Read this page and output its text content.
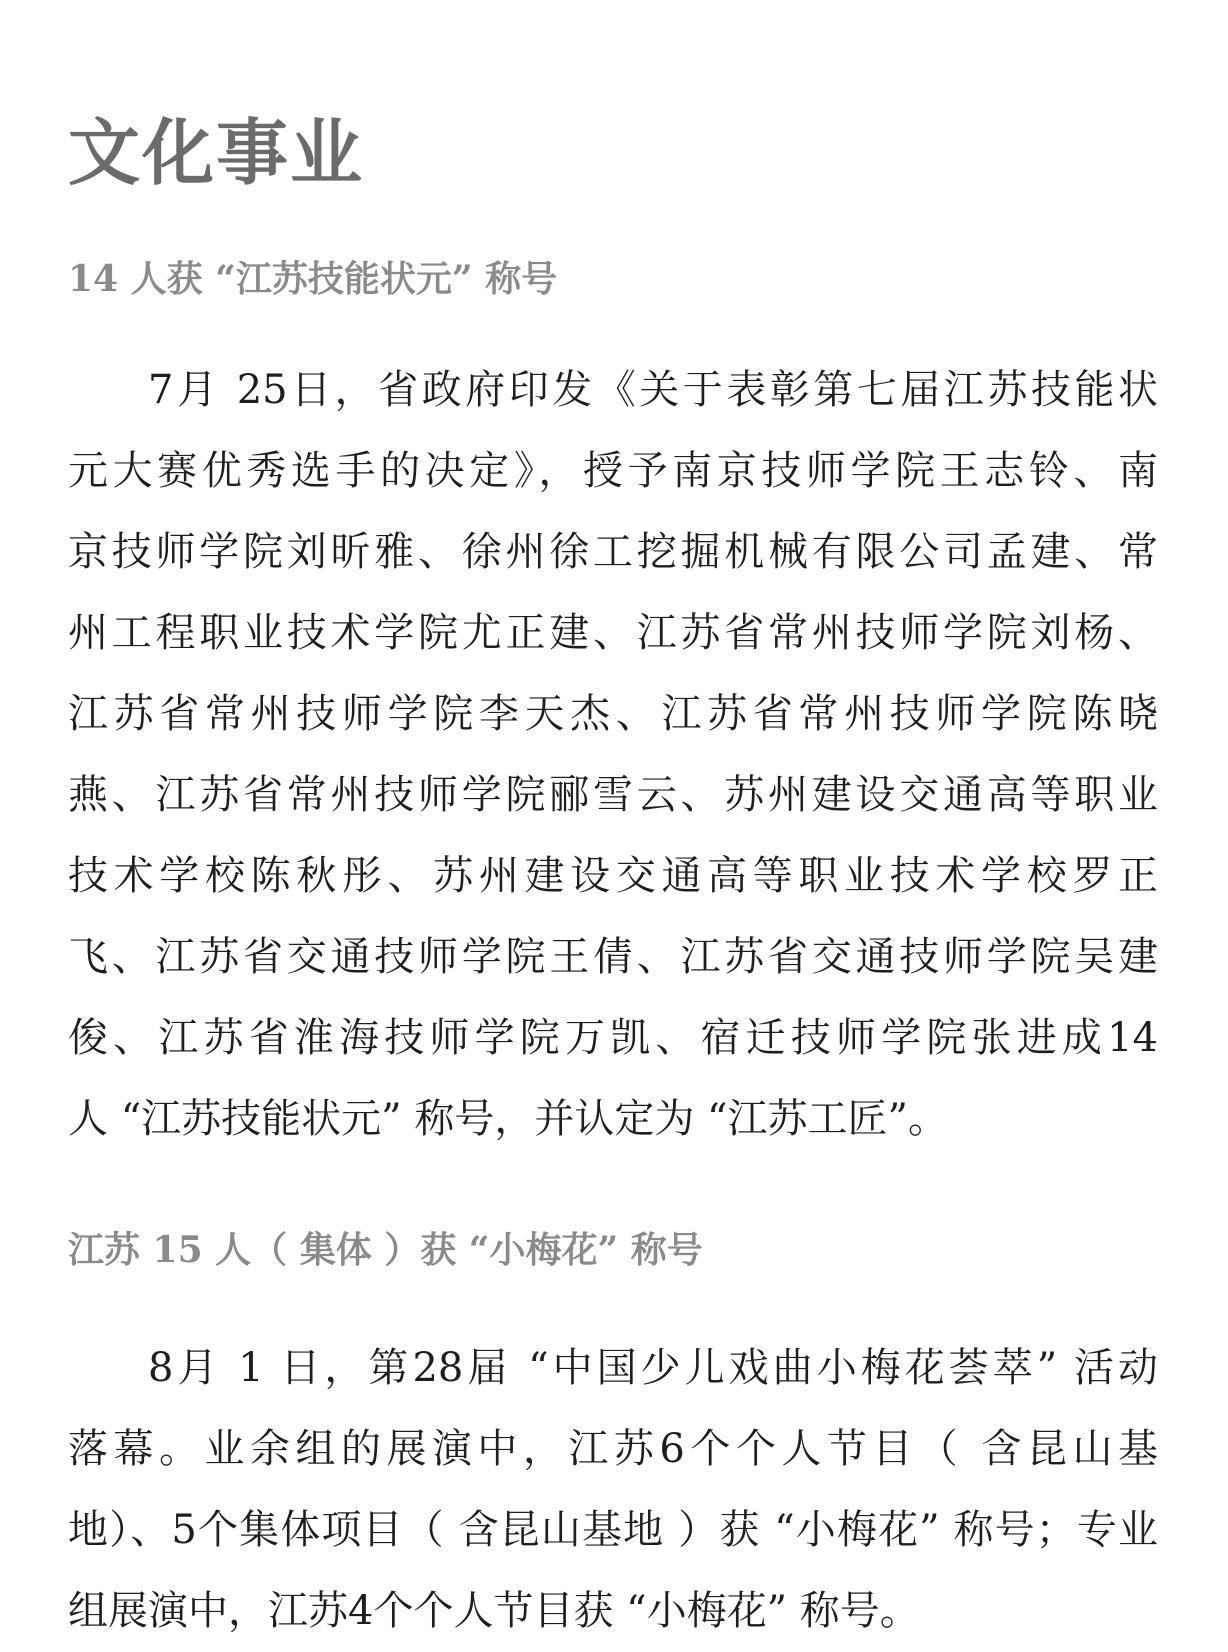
文化事业
14 人获 “江苏技能状元” 称号
7月 25日，省政府印发《关于表彰第七届江苏技能状
元大赛优秀选手的决定》，授予南京技师学院王志铃、南
京技师学院刘昕雅、徐州徐工挖掘机械有限公司孟建、常
州工程职业技术学院尤正建、江苏省常州技师学院刘杨、
江苏省常州技师学院李天杰、江苏省常州技师学院陈晓
燕、江苏省常州技师学院郦雪云、苏州建设交通高等职业
技术学校陈秋彤、苏州建设交通高等职业技术学校罗正
飞、江苏省交通技师学院王倩、江苏省交通技师学院吴建
俊、江苏省淮海技师学院万凯、宿迁技师学院张进成14
人 “江苏技能状元” 称号，并认定为 “江苏工匠”。
江苏 15 人（ 集体 ）获 “小梅花” 称号
8月 1 日，第28届 “中国少儿戏曲小梅花荟萃” 活动
落幕。业余组的展演中，江苏6个个人节目（ 含昆山基
地）、5个集体项目（ 含昆山基地 ）获 “小梅花” 称号；专业
组展演中，江苏4个个人节目获 “小梅花” 称号。
